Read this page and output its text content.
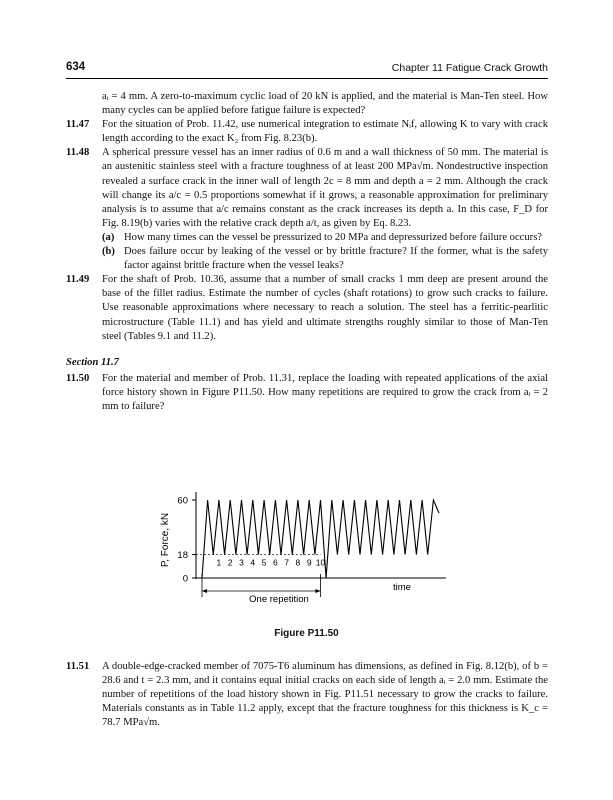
634	Chapter 11 Fatigue Crack Growth
aᵢ = 4 mm. A zero-to-maximum cyclic load of 20 kN is applied, and the material is Man-Ten steel. How many cycles can be applied before fatigue failure is expected?
11.47 For the situation of Prob. 11.42, use numerical integration to estimate Nᵢf, allowing K to vary with crack length according to the exact K₂ from Fig. 8.23(b).
11.48 A spherical pressure vessel has an inner radius of 0.6 m and a wall thickness of 50 mm. The material is an austenitic stainless steel with a fracture toughness of at least 200 MPa√m. Nondestructive inspection revealed a surface crack in the inner wall of length 2c = 8 mm and depth a = 2 mm. Although the crack will change its a/c = 0.5 proportions somewhat if it grows, a reasonable approximation for preliminary analysis is to assume that a/c remains constant as the crack increases its depth a. In this case, F_D for Fig. 8.19(b) varies with the relative crack depth a/t, as given by Eq. 8.23.
(a) How many times can the vessel be pressurized to 20 MPa and depressurized before failure occurs?
(b) Does failure occur by leaking of the vessel or by brittle fracture? If the former, what is the safety factor against brittle fracture when the vessel leaks?
11.49 For the shaft of Prob. 10.36, assume that a number of small cracks 1 mm deep are present around the base of the fillet radius. Estimate the number of cycles (shaft rotations) to grow such cracks to failure. Use reasonable approximations where necessary to reach a solution. The steel has a ferritic-pearlitic microstructure (Table 11.1) and has yield and ultimate strengths roughly similar to those of Man-Ten steel (Tables 9.1 and 11.2).
Section 11.7
11.50 For the material and member of Prob. 11.31, replace the loading with repeated applications of the axial force history shown in Figure P11.50. How many repetitions are required to grow the crack from aᵢ = 2 mm to failure?
0
18
60
1 2 3 4 5 6 7 8 9 10
P, Force, kN
time
One repetition
Figure P11.50
11.51 A double-edge-cracked member of 7075-T6 aluminum has dimensions, as defined in Fig. 8.12(b), of b = 28.6 and t = 2.3 mm, and it contains equal initial cracks on each side of length aᵢ = 2.0 mm. Estimate the number of repetitions of the load history shown in Fig. P11.51 necessary to grow the cracks to failure. Materials constants as in Table 11.2 apply, except that the fracture toughness for this thickness is K_c = 78.7 MPa√m.
